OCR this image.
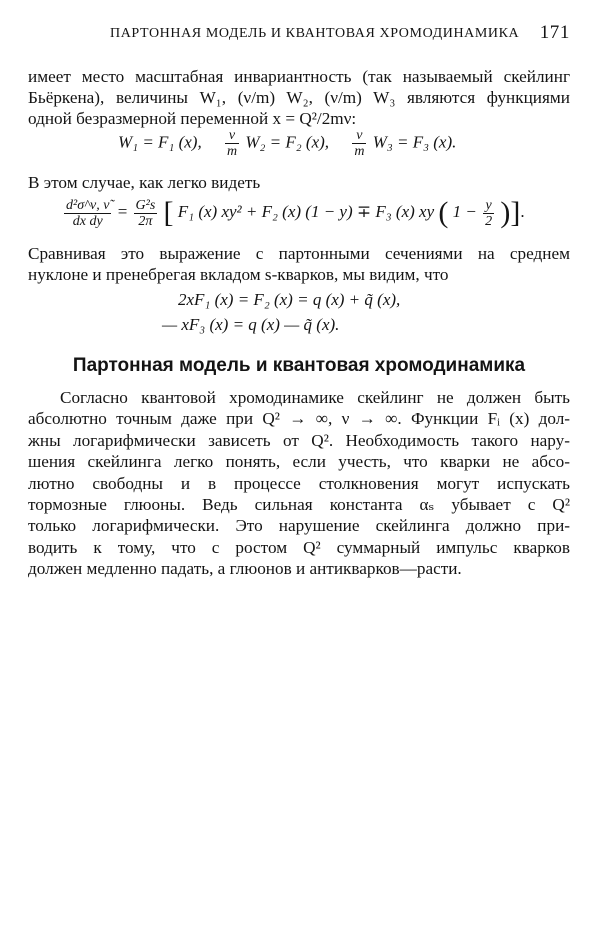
ПАРТОННАЯ МОДЕЛЬ И КВАНТОВАЯ ХРОМОДИНАМИКА 171
имеет место масштабная инвариантность (так называемый скейлинг
Бьёркена), величины W₁, (ν/m) W₂, (ν/m) W₃ являются функциями
одной безразмерной переменной x = Q²/2mν:
W₁ = F₁ (x), $\frac{\nu}{m} W_2 = F_2$ (x), $\frac{\nu}{m} W_3 = F_3$ (x).
В этом случае, как легко видеть
$\frac{\text{d²σ\textasciicircum{}ν, ν̃}}{\text{dx dy}} = \frac{\text{G²s}}{2\pi}$ [ F₁ (x) xy² + F₂ (x) (1 − y) ∓ F₃ (x) xy ( $1 - \frac{y}{2}$ )].
Сравнивая это выражение с партонными сечениями на среднем
нуклоне и пренебрегая вкладом s-кварков, мы видим, что
2xF₁ (x) = F₂ (x) = q (x) + q̃ (x),
— xF₃ (x) = q (x) — q̃ (x).
Партонная модель и квантовая хромодинамика
Согласно квантовой хромодинамике скейлинг не должен быть
абсолютно точным даже при Q² → ∞, ν → ∞. Функции Fᵢ (x) дол-
жны логарифмически зависеть от Q². Необходимость такого нару-
шения скейлинга легко понять, если учесть, что кварки не абсо-
лютно свободны и в процессе столкновения могут испускать
тормозные глюоны. Ведь сильная константа αₛ убывает с Q²
только логарифмически. Это нарушение скейлинга должно при-
водить к тому, что с ростом Q² суммарный импульс кварков
должен медленно падать, а глюонов и антикварков—расти.
